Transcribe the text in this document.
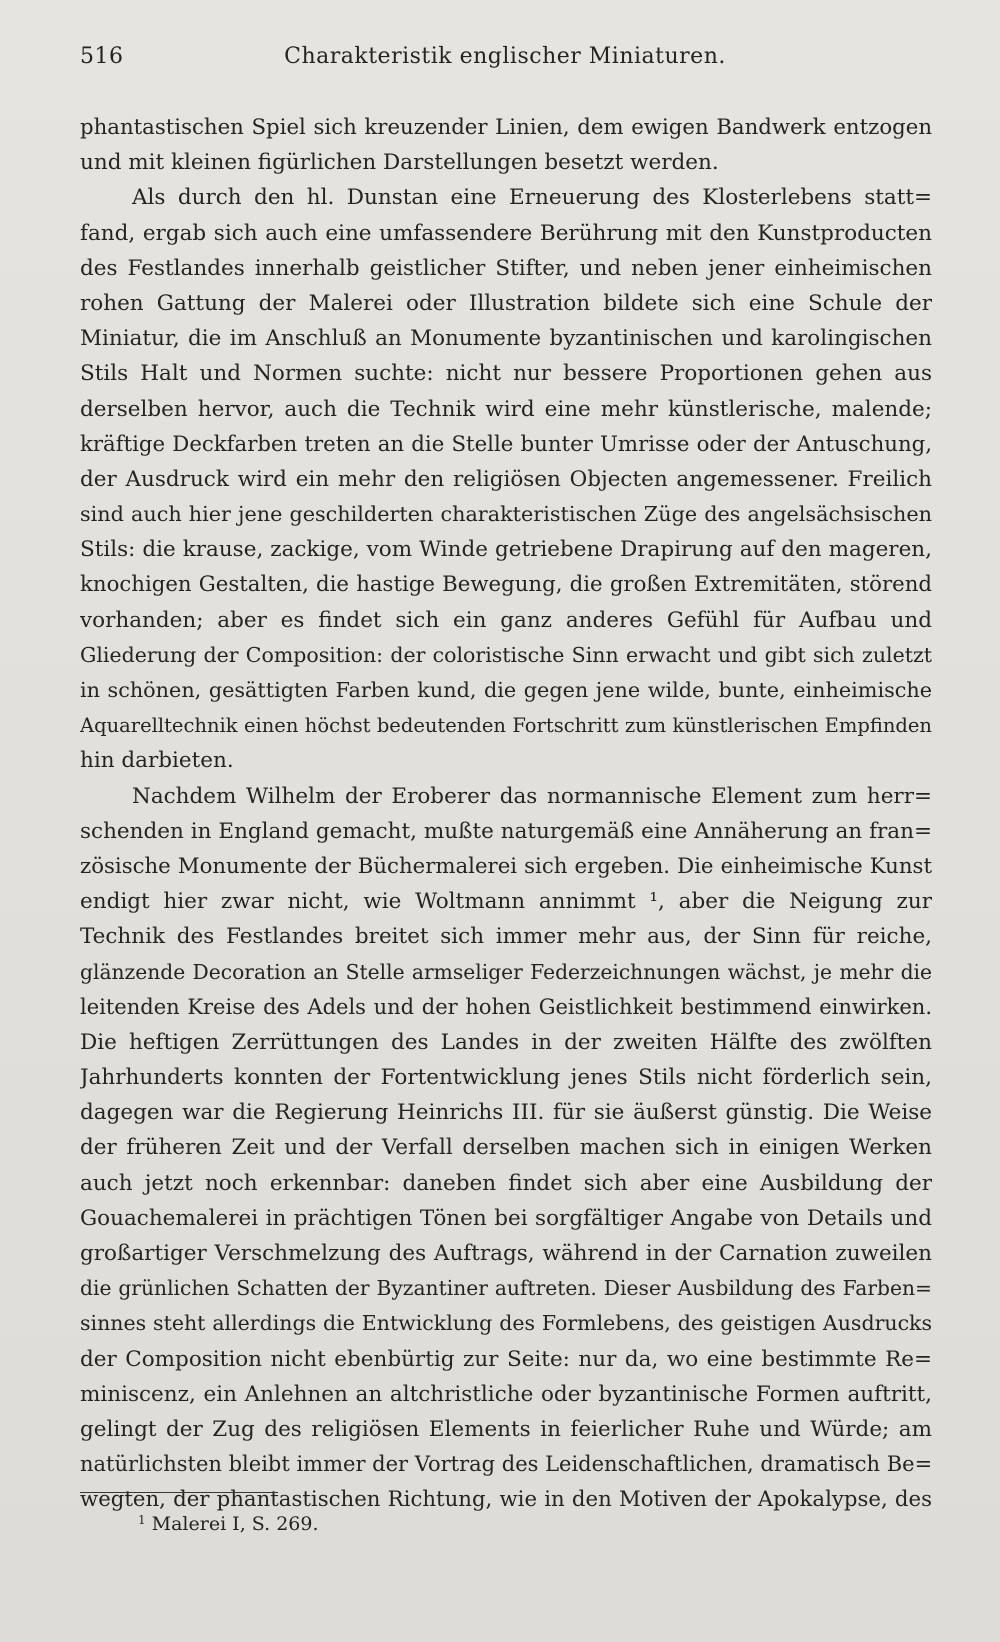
516	Charakteristik englischer Miniaturen.
phantastischen Spiel sich kreuzender Linien, dem ewigen Bandwerk entzogen
und mit kleinen figürlichen Darstellungen besetzt werden.
Als durch den hl. Dunstan eine Erneuerung des Klosterlebens statt=
fand, ergab sich auch eine umfassendere Berührung mit den Kunstproducten
des Festlandes innerhalb geistlicher Stifter, und neben jener einheimischen
rohen Gattung der Malerei oder Illustration bildete sich eine Schule der
Miniatur, die im Anschluß an Monumente byzantinischen und karolingischen
Stils Halt und Normen suchte: nicht nur bessere Proportionen gehen aus
derselben hervor, auch die Technik wird eine mehr künstlerische, malende;
kräftige Deckfarben treten an die Stelle bunter Umrisse oder der Antuschung,
der Ausdruck wird ein mehr den religiösen Objecten angemessener. Freilich
sind auch hier jene geschilderten charakteristischen Züge des angelsächsischen
Stils: die krause, zackige, vom Winde getriebene Drapirung auf den mageren,
knochigen Gestalten, die hastige Bewegung, die großen Extremitäten, störend
vorhanden; aber es findet sich ein ganz anderes Gefühl für Aufbau und
Gliederung der Composition: der coloristische Sinn erwacht und gibt sich zuletzt
in schönen, gesättigten Farben kund, die gegen jene wilde, bunte, einheimische
Aquarelltechnik einen höchst bedeutenden Fortschritt zum künstlerischen Empfinden
hin darbieten.
Nachdem Wilhelm der Eroberer das normannische Element zum herr=
schenden in England gemacht, mußte naturgemäß eine Annäherung an fran=
zösische Monumente der Büchermalerei sich ergeben. Die einheimische Kunst
endigt hier zwar nicht, wie Woltmann annimmt ¹, aber die Neigung zur
Technik des Festlandes breitet sich immer mehr aus, der Sinn für reiche,
glänzende Decoration an Stelle armseliger Federzeichnungen wächst, je mehr die
leitenden Kreise des Adels und der hohen Geistlichkeit bestimmend einwirken.
Die heftigen Zerrüttungen des Landes in der zweiten Hälfte des zwölften
Jahrhunderts konnten der Fortentwicklung jenes Stils nicht förderlich sein,
dagegen war die Regierung Heinrichs III. für sie äußerst günstig. Die Weise
der früheren Zeit und der Verfall derselben machen sich in einigen Werken
auch jetzt noch erkennbar: daneben findet sich aber eine Ausbildung der
Gouachemalerei in prächtigen Tönen bei sorgfältiger Angabe von Details und
großartiger Verschmelzung des Auftrags, während in der Carnation zuweilen
die grünlichen Schatten der Byzantiner auftreten. Dieser Ausbildung des Farben=
sinnes steht allerdings die Entwicklung des Formlebens, des geistigen Ausdrucks
der Composition nicht ebenbürtig zur Seite: nur da, wo eine bestimmte Re=
miniscenz, ein Anlehnen an altchristliche oder byzantinische Formen auftritt,
gelingt der Zug des religiösen Elements in feierlicher Ruhe und Würde; am
natürlichsten bleibt immer der Vortrag des Leidenschaftlichen, dramatisch Be=
wegten, der phantastischen Richtung, wie in den Motiven der Apokalypse, des
$^1$ Malerei I, S. 269.
